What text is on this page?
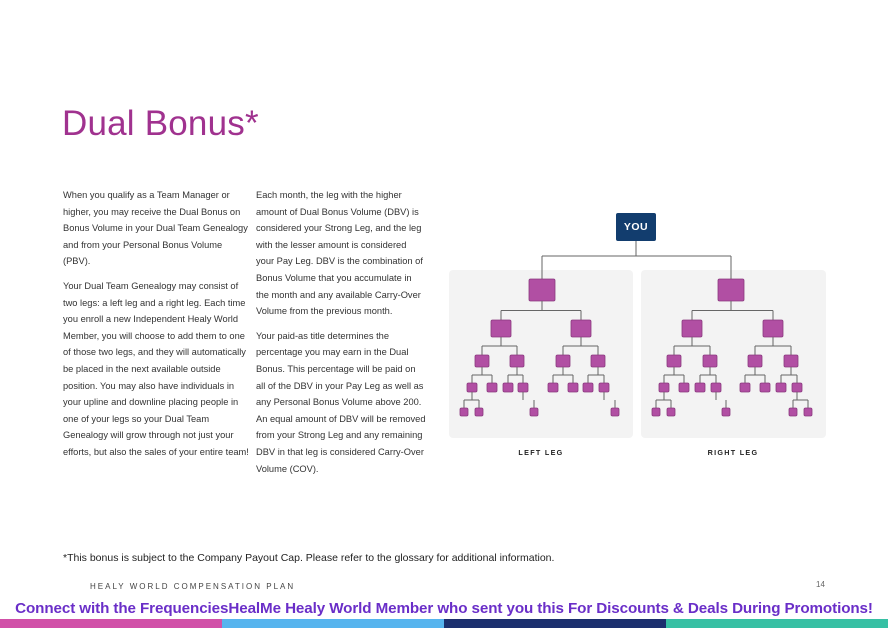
Dual Bonus*

When you qualify as a Team Manager or higher, you may receive the Dual Bonus on Bonus Volume in your Dual Team Genealogy and from your Personal Bonus Volume (PBV).

Your Dual Team Genealogy may consist of two legs: a left leg and a right leg. Each time you enroll a new Independent Healy World Member, you will choose to add them to one of those two legs, and they will automatically be placed in the next available outside position. You may also have individuals in your upline and downline placing people in one of your legs so your Dual Team Genealogy will grow through not just your efforts, but also the sales of your entire team!

Each month, the leg with the higher amount of Dual Bonus Volume (DBV) is considered your Strong Leg, and the leg with the lesser amount is considered your Pay Leg. DBV is the combination of Bonus Volume that you accumulate in the month and any available Carry-Over Volume from the previous month.

Your paid-as title determines the percentage you may earn in the Dual Bonus. This percentage will be paid on all of the DBV in your Pay Leg as well as any Personal Bonus Volume above 200. An equal amount of DBV will be removed from your Strong Leg and any remaining DBV in that leg is considered Carry-Over Volume (COV).

YOU
LEFT LEG	RIGHT LEG

*This bonus is subject to the Company Payout Cap. Please refer to the glossary for additional information.

HEALY WORLD COMPENSATION PLAN	14
Connect with the FrequenciesHealMe Healy World Member who sent you this For Discounts & Deals During Promotions!
